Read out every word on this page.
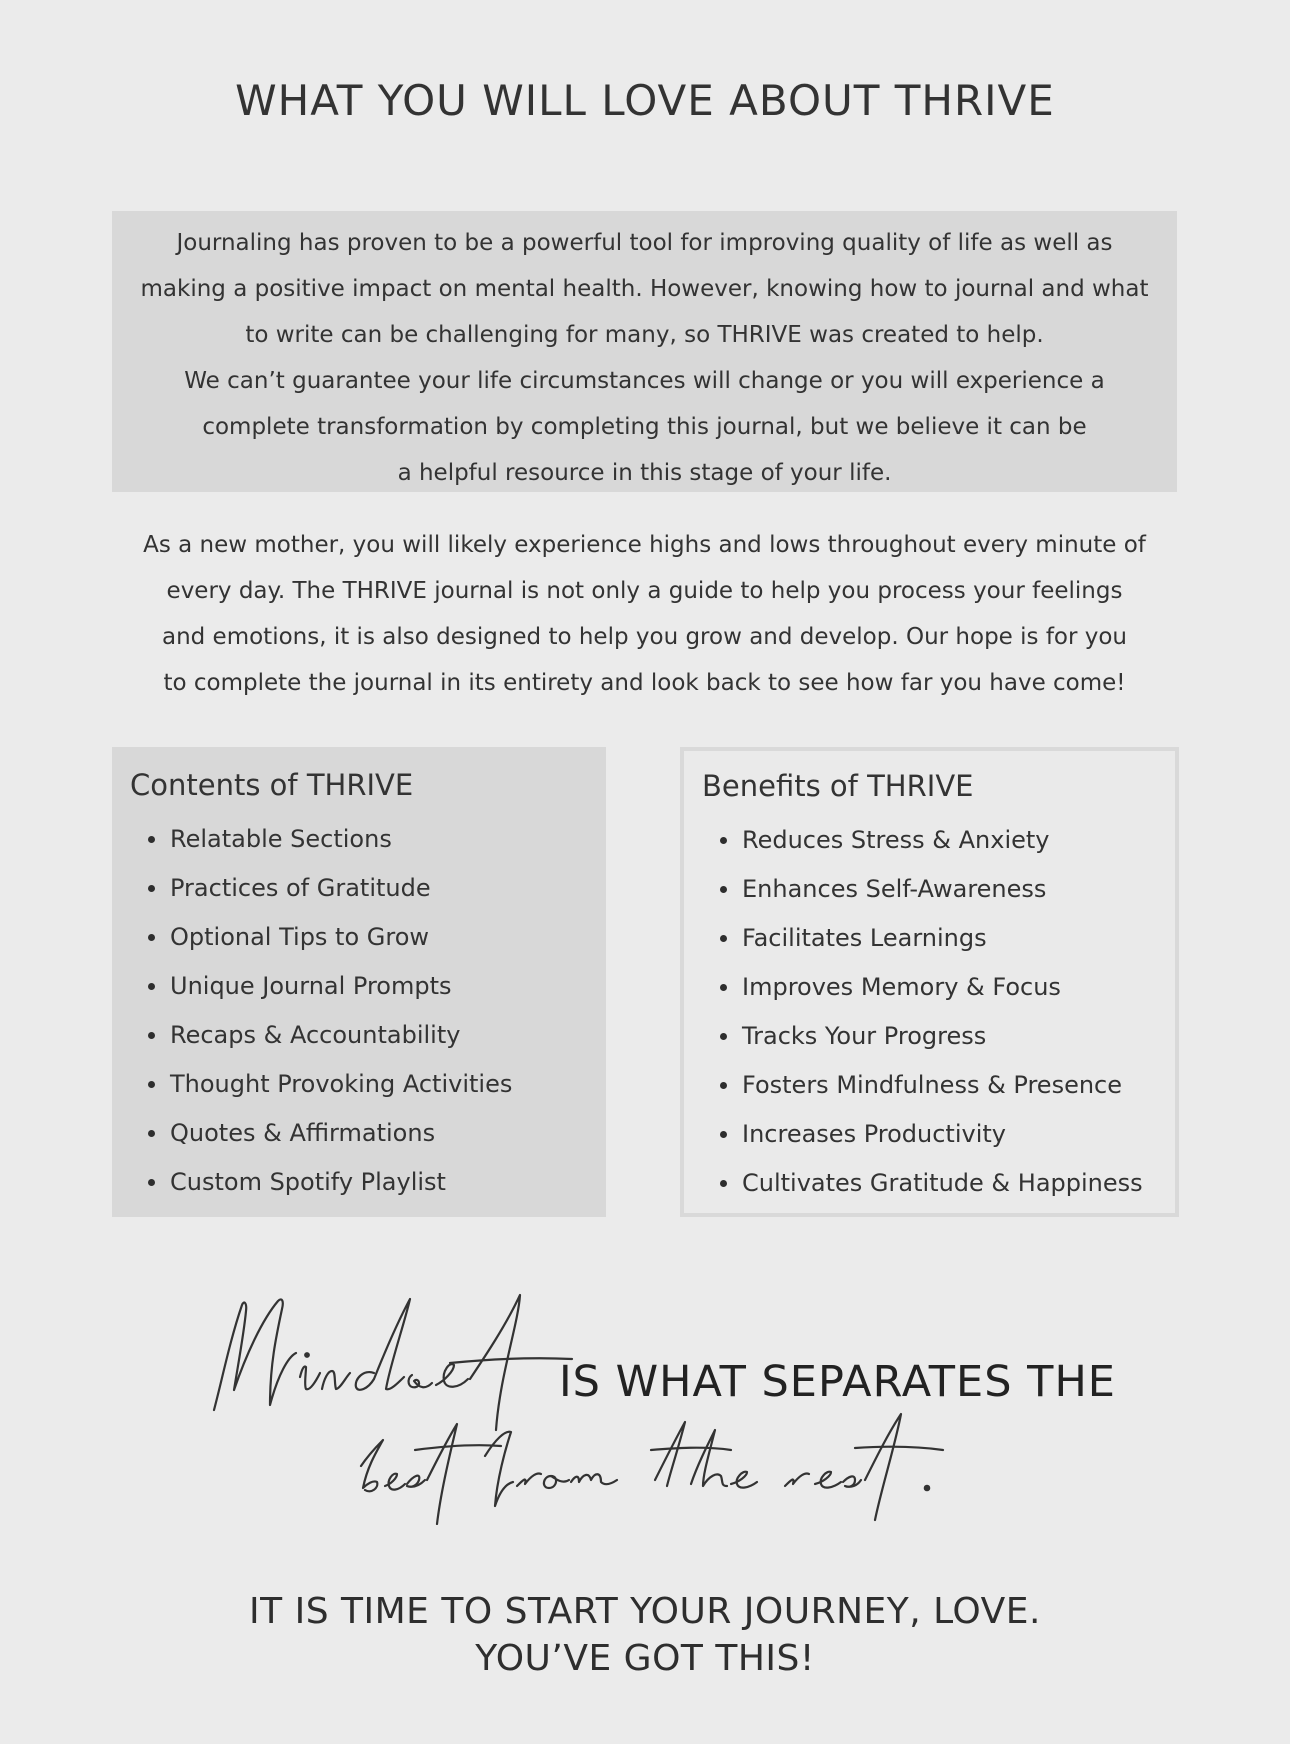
WHAT YOU WILL LOVE ABOUT THRIVE

Journaling has proven to be a powerful tool for improving quality of life as well as
making a positive impact on mental health. However, knowing how to journal and what
to write can be challenging for many, so THRIVE was created to help.
We can’t guarantee your life circumstances will change or you will experience a
complete transformation by completing this journal, but we believe it can be
a helpful resource in this stage of your life.

As a new mother, you will likely experience highs and lows throughout every minute of
every day. The THRIVE journal is not only a guide to help you process your feelings
and emotions, it is also designed to help you grow and develop. Our hope is for you
to complete the journal in its entirety and look back to see how far you have come!

Contents of THRIVE
Relatable Sections
Practices of Gratitude
Optional Tips to Grow
Unique Journal Prompts
Recaps & Accountability
Thought Provoking Activities
Quotes & Affirmations
Custom Spotify Playlist
Benefits of THRIVE
Reduces Stress & Anxiety
Enhances Self-Awareness
Facilitates Learnings
Improves Memory & Focus
Tracks Your Progress
Fosters Mindfulness & Presence
Increases Productivity
Cultivates Gratitude & Happiness
IS WHAT SEPARATES THE
IT IS TIME TO START YOUR JOURNEY, LOVE.
YOU’VE GOT THIS!
